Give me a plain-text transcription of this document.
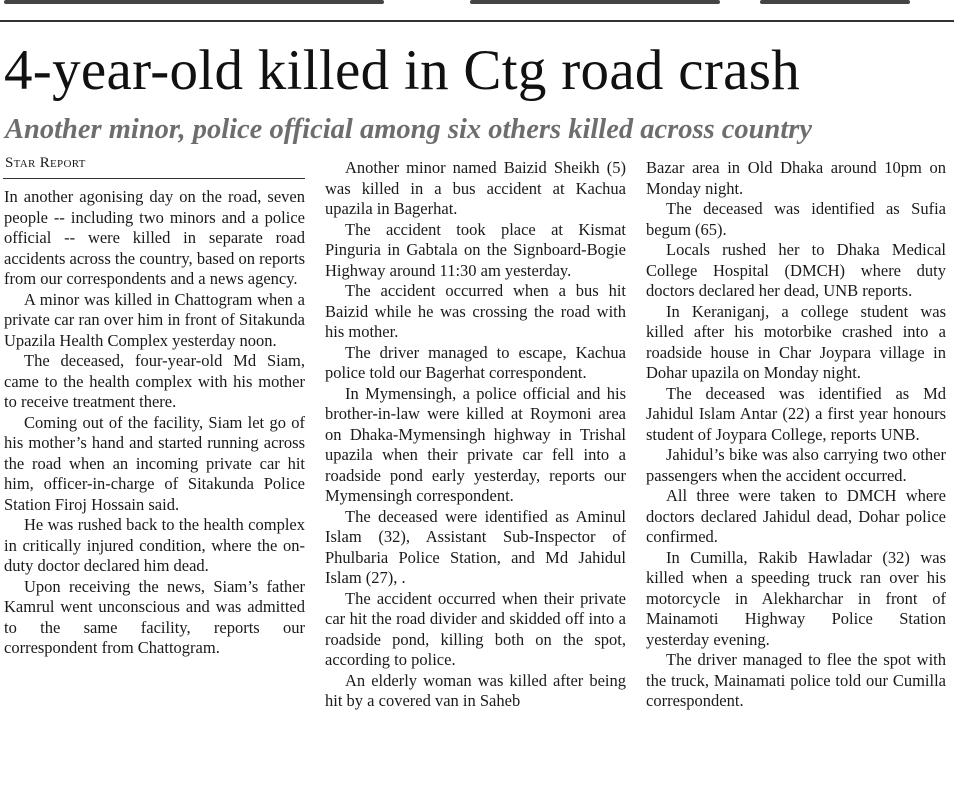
4-year-old killed in Ctg road crash
Another minor, police official among six others killed across country
Star Report

In another agonising day on the road, seven people -- including two minors and a police official -- were killed in separate road accidents across the country, based on reports from our correspondents and a news agency.

A minor was killed in Chattogram when a private car ran over him in front of Sitakunda Upazila Health Complex yesterday noon.

The deceased, four-year-old Md Siam, came to the health complex with his mother to receive treatment there.

Coming out of the facility, Siam let go of his mother’s hand and started running across the road when an incoming private car hit him, officer-in-charge of Sitakunda Police Station Firoj Hossain said.

He was rushed back to the health complex in critically injured condition, where the on-duty doctor declared him dead.

Upon receiving the news, Siam’s father Kamrul went unconscious and was admitted to the same facility, reports our correspondent from Chattogram.

Another minor named Baizid Sheikh (5) was killed in a bus accident at Kachua upazila in Bagerhat.

The accident took place at Kismat Pinguria in Gabtala on the Signboard-Bogie Highway around 11:30 am yesterday.

The accident occurred when a bus hit Baizid while he was crossing the road with his mother.

The driver managed to escape, Kachua police told our Bagerhat correspondent.

In Mymensingh, a police official and his brother-in-law were killed at Roymoni area on Dhaka-Mymensingh highway in Trishal upazila when their private car fell into a roadside pond early yesterday, reports our Mymensingh correspondent.

The deceased were identified as Aminul Islam (32), Assistant Sub-Inspector of Phulbaria Police Station, and Md Jahidul Islam (27), .

The accident occurred when their private car hit the road divider and skidded off into a roadside pond, killing both on the spot, according to police.

An elderly woman was killed after being hit by a covered van in Saheb

Bazar area in Old Dhaka around 10pm on Monday night.

The deceased was identified as Sufia begum (65).

Locals rushed her to Dhaka Medical College Hospital (DMCH) where duty doctors declared her dead, UNB reports.

In Keraniganj, a college student was killed after his motorbike crashed into a roadside house in Char Joypara village in Dohar upazila on Monday night.

The deceased was identified as Md Jahidul Islam Antar (22) a first year honours student of Joypara College, reports UNB.

Jahidul’s bike was also carrying two other passengers when the accident occurred.

All three were taken to DMCH where doctors declared Jahidul dead, Dohar police confirmed.

In Cumilla, Rakib Hawladar (32) was killed when a speeding truck ran over his motorcycle in Alekharchar in front of Mainamoti Highway Police Station yesterday evening.

The driver managed to flee the spot with the truck, Mainamati police told our Cumilla correspondent.
